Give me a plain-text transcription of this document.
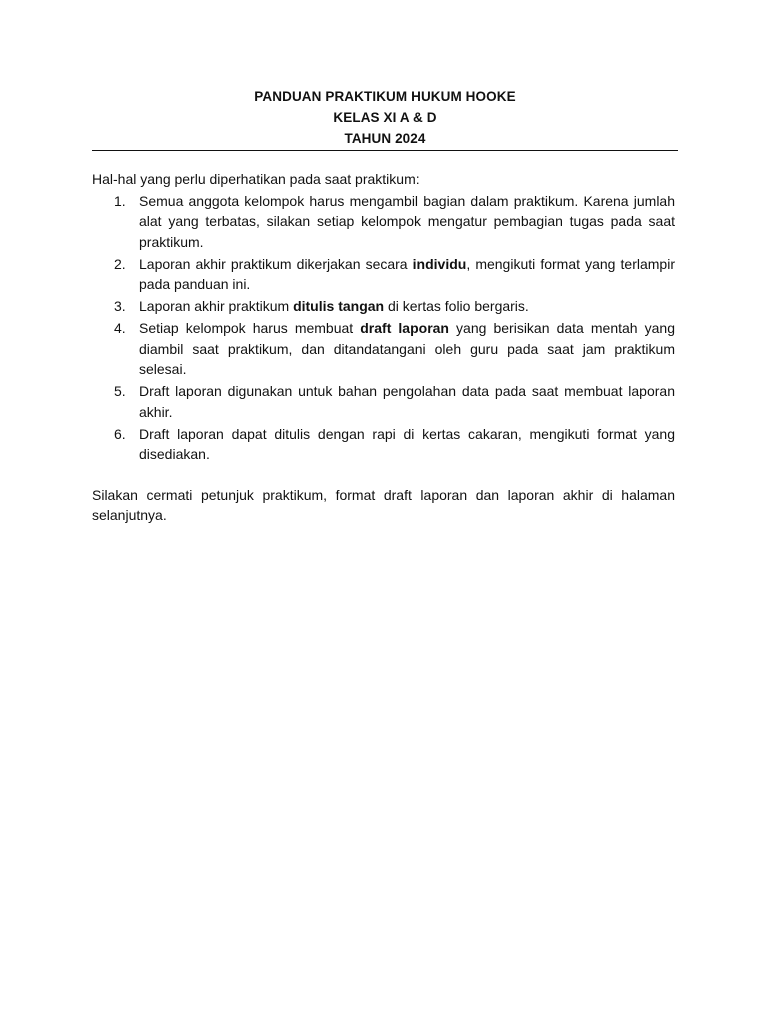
PANDUAN PRAKTIKUM HUKUM HOOKE
KELAS XI A & D
TAHUN 2024

Hal-hal yang perlu diperhatikan pada saat praktikum:

1. Semua anggota kelompok harus mengambil bagian dalam praktikum. Karena jumlah alat yang terbatas, silakan setiap kelompok mengatur pembagian tugas pada saat praktikum.
2. Laporan akhir praktikum dikerjakan secara individu, mengikuti format yang terlampir pada panduan ini.
3. Laporan akhir praktikum ditulis tangan di kertas folio bergaris.
4. Setiap kelompok harus membuat draft laporan yang berisikan data mentah yang diambil saat praktikum, dan ditandatangani oleh guru pada saat jam praktikum selesai.
5. Draft laporan digunakan untuk bahan pengolahan data pada saat membuat laporan akhir.
6. Draft laporan dapat ditulis dengan rapi di kertas cakaran, mengikuti format yang disediakan.

Silakan cermati petunjuk praktikum, format draft laporan dan laporan akhir di halaman selanjutnya.
